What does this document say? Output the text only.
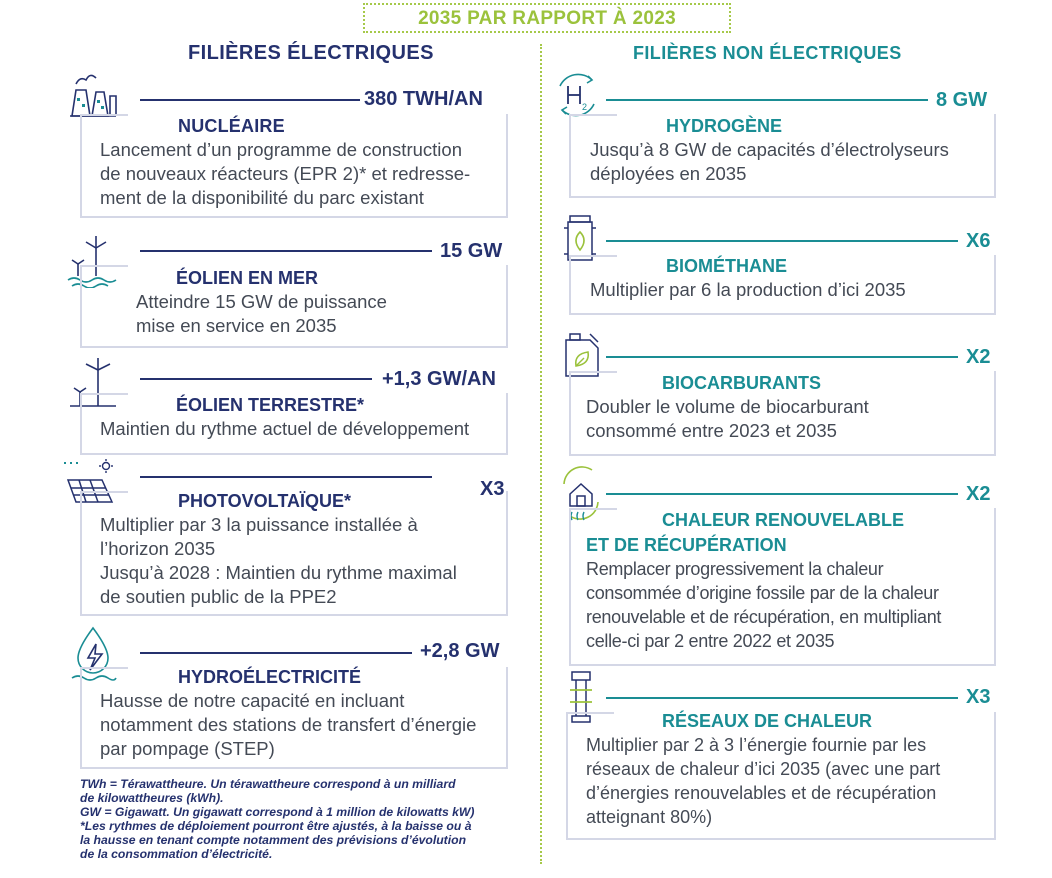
2035 PAR RAPPORT À 2023
FILIÈRES ÉLECTRIQUES	FILIÈRES NON ÉLECTRIQUES
380 TWH/AN
NUCLÉAIRE
Lancement d’un programme de construction
de nouveaux réacteurs (EPR 2)* et redresse-
ment de la disponibilité du parc existant
15 GW
ÉOLIEN EN MER
Atteindre 15 GW de puissance
mise en service en 2035
+1,3 GW/AN
ÉOLIEN TERRESTRE*
Maintien du rythme actuel de développement
X3
PHOTOVOLTAÏQUE*
Multiplier par 3 la puissance installée à
l’horizon 2035
Jusqu’à 2028 : Maintien du rythme maximal
de soutien public de la PPE2
+2,8 GW
HYDROÉLECTRICITÉ
Hausse de notre capacité en incluant
notamment des stations de transfert d’énergie
par pompage (STEP)
TWh = Térawattheure. Un térawattheure correspond à un milliard
de kilowattheures (kWh).
GW = Gigawatt. Un gigawatt correspond à 1 million de kilowatts kW)
*Les rythmes de déploiement pourront être ajustés, à la baisse ou à
la hausse en tenant compte notamment des prévisions d’évolution
de la consommation d’électricité.
2	8 GW
HYDROGÈNE
Jusqu’à 8 GW de capacités d’électrolyseurs
déployées en 2035
X6
BIOMÉTHANE
Multiplier par 6 la production d’ici 2035
X2
BIOCARBURANTS
Doubler le volume de biocarburant
consommé entre 2023 et 2035
X2
CHALEUR RENOUVELABLE
ET DE RÉCUPÉRATION
Remplacer progressivement la chaleur
consommée d’origine fossile par de la chaleur
renouvelable et de récupération, en multipliant
celle-ci par 2 entre 2022 et 2035
X3
RÉSEAUX DE CHALEUR
Multiplier par 2 à 3 l’énergie fournie par les
réseaux de chaleur d’ici 2035 (avec une part
d’énergies renouvelables et de récupération
atteignant 80%)
